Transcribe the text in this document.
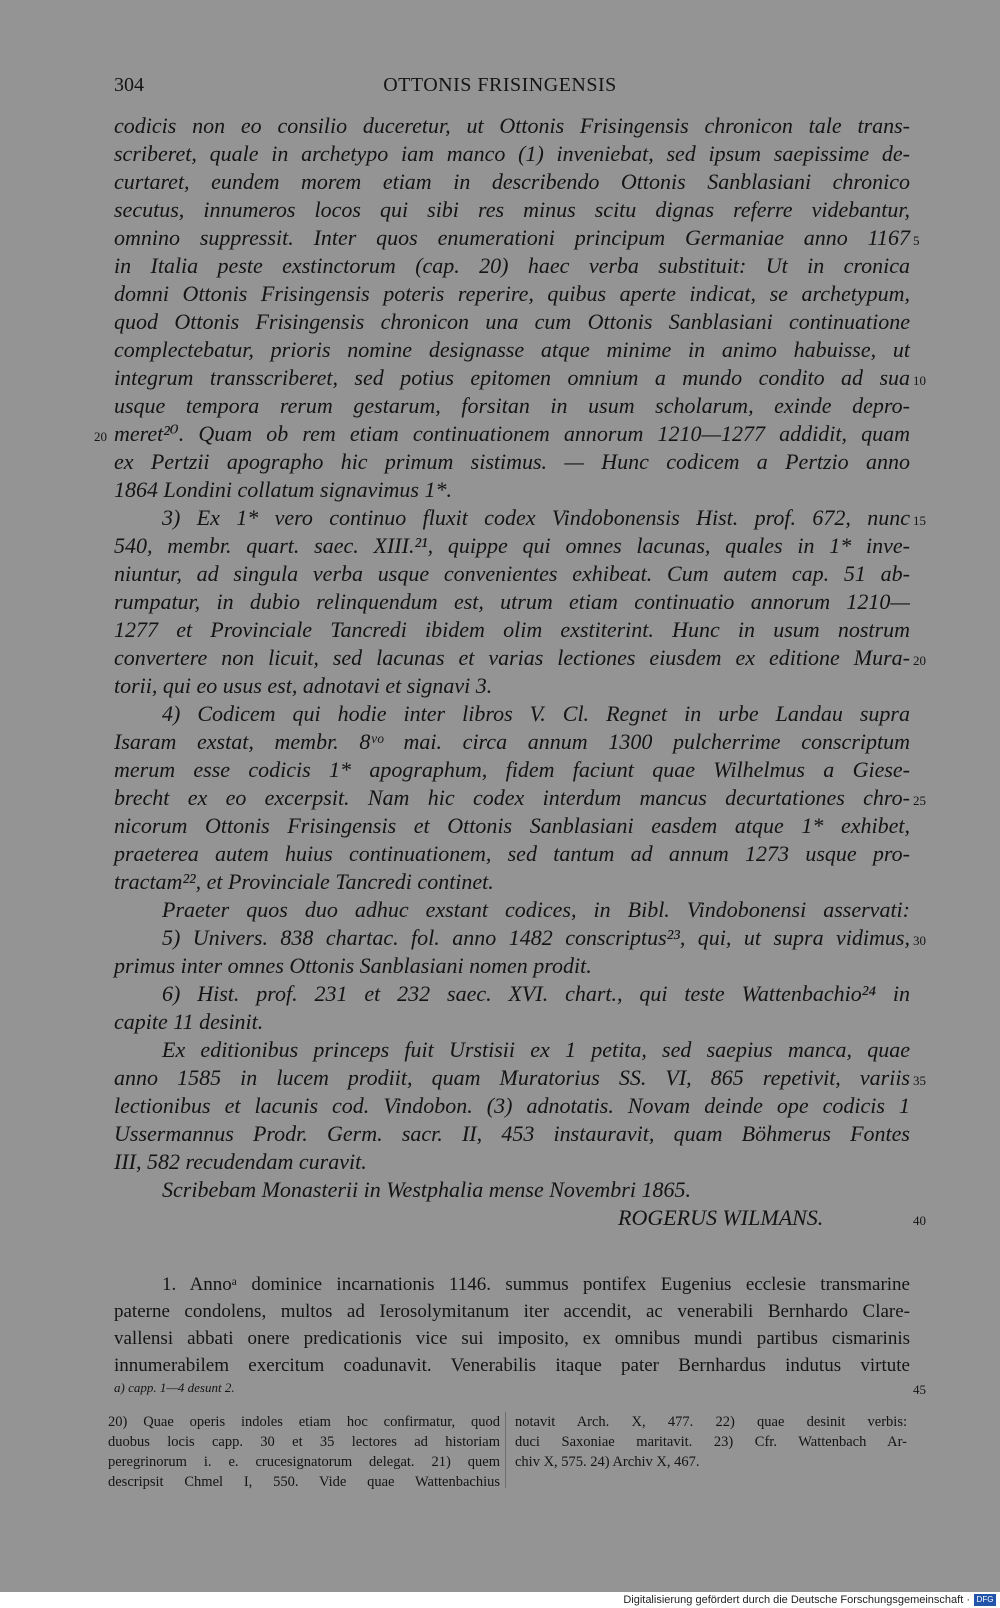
304	OTTONIS FRISINGENSIS
codicis non eo consilio duceretur, ut Ottonis Frisingensis chronicon tale trans-
scriberet, quale in archetypo iam manco (1) inveniebat, sed ipsum saepissime de-
curtaret, eundem morem etiam in describendo Ottonis Sanblasiani chronico
secutus, innumeros locos qui sibi res minus scitu dignas referre videbantur,
omnino suppressit. Inter quos enumerationi principum Germaniae anno 1167
in Italia peste exstinctorum (cap. 20) haec verba substituit: Ut in cronica
domni Ottonis Frisingensis poteris reperire, quibus aperte indicat, se archetypum,
quod Ottonis Frisingensis chronicon una cum Ottonis Sanblasiani continuatione
complectebatur, prioris nomine designasse atque minime in animo habuisse, ut
integrum transscriberet, sed potius epitomen omnium a mundo condito ad sua
usque tempora rerum gestarum, forsitan in usum scholarum, exinde depro-
meret²⁰. Quam ob rem etiam continuationem annorum 1210—1277 addidit, quam
ex Pertzii apographo hic primum sistimus. — Hunc codicem a Pertzio anno
1864 Londini collatum signavimus 1*.
3) Ex 1* vero continuo fluxit codex Vindobonensis Hist. prof. 672, nunc
540, membr. quart. saec. XIII.²¹, quippe qui omnes lacunas, quales in 1* inve-
niuntur, ad singula verba usque convenientes exhibeat. Cum autem cap. 51 ab-
rumpatur, in dubio relinquendum est, utrum etiam continuatio annorum 1210—
1277 et Provinciale Tancredi ibidem olim exstiterint. Hunc in usum nostrum
convertere non licuit, sed lacunas et varias lectiones eiusdem ex editione Mura-
torii, qui eo usus est, adnotavi et signavi 3.
4) Codicem qui hodie inter libros V. Cl. Regnet in urbe Landau supra
Isaram exstat, membr. 8ᵛᵒ mai. circa annum 1300 pulcherrime conscriptum
merum esse codicis 1* apographum, fidem faciunt quae Wilhelmus a Giese-
brecht ex eo excerpsit. Nam hic codex interdum mancus decurtationes chro-
nicorum Ottonis Frisingensis et Ottonis Sanblasiani easdem atque 1* exhibet,
praeterea autem huius continuationem, sed tantum ad annum 1273 usque pro-
tractam²², et Provinciale Tancredi continet.
Praeter quos duo adhuc exstant codices, in Bibl. Vindobonensi asservati:
5) Univers. 838 chartac. fol. anno 1482 conscriptus²³, qui, ut supra vidimus,
primus inter omnes Ottonis Sanblasiani nomen prodit.
6) Hist. prof. 231 et 232 saec. XVI. chart., qui teste Wattenbachio²⁴ in
capite 11 desinit.
Ex editionibus princeps fuit Urstisii ex 1 petita, sed saepius manca, quae
anno 1585 in lucem prodiit, quam Muratorius SS. VI, 865 repetivit, variis
lectionibus et lacunis cod. Vindobon. (3) adnotatis. Novam deinde ope codicis 1
Ussermannus Prodr. Germ. sacr. II, 453 instauravit, quam Böhmerus Fontes
III, 582 recudendam curavit.
Scribebam Monasterii in Westphalia mense Novembri 1865.
ROGERUS WILMANS.
5
10
20
15
20
25
30
35
40
45
1. Annoᵃ dominice incarnationis 1146. summus pontifex Eugenius ecclesie transmarine
paterne condolens, multos ad Ierosolymitanum iter accendit, ac venerabili Bernhardo Clare-
vallensi abbati onere predicationis vice sui imposito, ex omnibus mundi partibus cismarinis
innumerabilem exercitum coadunavit. Venerabilis itaque pater Bernhardus indutus virtute
a) capp. 1—4 desunt 2.
20) Quae operis indoles etiam hoc confirmatur, quod
duobus locis capp. 30 et 35 lectores ad historiam
peregrinorum i. e. crucesignatorum delegat. 21) quem
descripsit Chmel I, 550. Vide quae Wattenbachius
notavit Arch. X, 477. 22) quae desinit verbis:
duci Saxoniae maritavit. 23) Cfr. Wattenbach Ar-
chiv X, 575. 24) Archiv X, 467.
Digitalisierung gefördert durch die Deutsche Forschungsgemeinschaft · DFG
